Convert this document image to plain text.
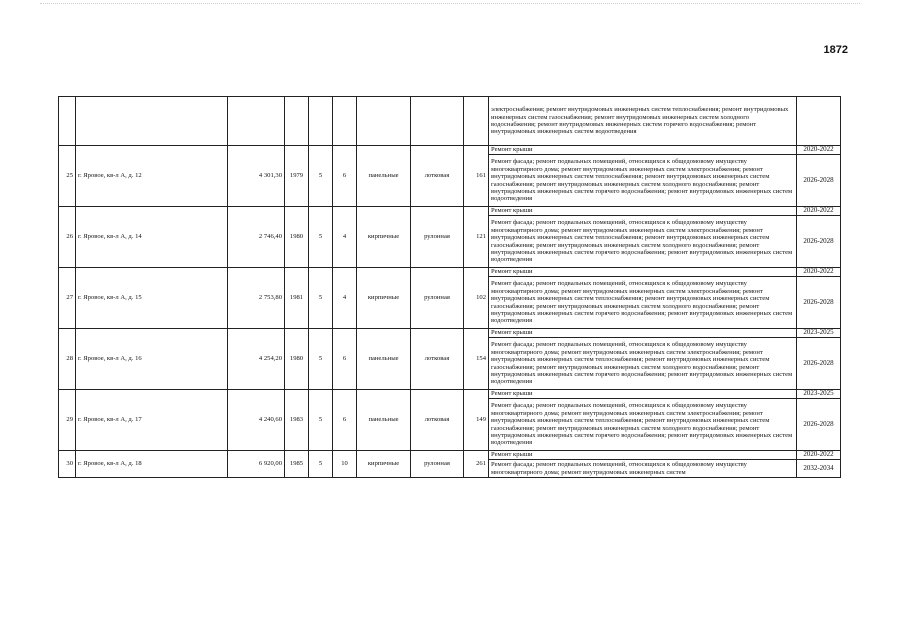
1872
									электроснабжения; ремонт внутридомовых инженерных систем теплоснабжения; ремонт внутридомовых инженерных систем газоснабжения; ремонт внутридомовых инженерных систем холодного водоснабжения; ремонт внутридомовых инженерных систем горячего водоснабжения; ремонт внутридомовых инженерных систем водоотведения	
25	г. Яровое, кв-л А, д. 12	4 301,30	1979	5	6	панельные	лотковая	161	Ремонт крыши	2020-2022
									Ремонт фасада; ремонт подвальных помещений, относящихся к общедомовому имуществу многоквартирного дома; ремонт внутридомовых инженерных систем электроснабжения; ремонт внутридомовых инженерных систем теплоснабжения; ремонт внутридомовых инженерных систем газоснабжения; ремонт внутридомовых инженерных систем холодного водоснабжения; ремонт внутридомовых инженерных систем горячего водоснабжения; ремонт внутридомовых инженерных систем водоотведения	2026-2028
26	г. Яровое, кв-л А, д. 14	2 746,40	1980	5	4	кирпичные	рулонная	121	Ремонт крыши	2020-2022
									Ремонт фасада; ремонт подвальных помещений, относящихся к общедомовому имуществу многоквартирного дома; ремонт внутридомовых инженерных систем электроснабжения; ремонт внутридомовых инженерных систем теплоснабжения; ремонт внутридомовых инженерных систем газоснабжения; ремонт внутридомовых инженерных систем холодного водоснабжения; ремонт внутридомовых инженерных систем горячего водоснабжения; ремонт внутридомовых инженерных систем водоотведения	2026-2028
27	г. Яровое, кв-л А, д. 15	2 753,80	1981	5	4	кирпичные	рулонная	102	Ремонт крыши	2020-2022
									Ремонт фасада; ремонт подвальных помещений, относящихся к общедомовому имуществу многоквартирного дома; ремонт внутридомовых инженерных систем электроснабжения; ремонт внутридомовых инженерных систем теплоснабжения; ремонт внутридомовых инженерных систем газоснабжения; ремонт внутридомовых инженерных систем холодного водоснабжения; ремонт внутридомовых инженерных систем горячего водоснабжения; ремонт внутридомовых инженерных систем водоотведения	2026-2028
28	г. Яровое, кв-л А, д. 16	4 254,20	1980	5	6	панельные	лотковая	154	Ремонт крыши	2023-2025
									Ремонт фасада; ремонт подвальных помещений, относящихся к общедомовому имуществу многоквартирного дома; ремонт внутридомовых инженерных систем электроснабжения; ремонт внутридомовых инженерных систем теплоснабжения; ремонт внутридомовых инженерных систем газоснабжения; ремонт внутридомовых инженерных систем холодного водоснабжения; ремонт внутридомовых инженерных систем горячего водоснабжения; ремонт внутридомовых инженерных систем водоотведения	2026-2028
29	г. Яровое, кв-л А, д. 17	4 240,60	1983	5	6	панельные	лотковая	149	Ремонт крыши	2023-2025
									Ремонт фасада; ремонт подвальных помещений, относящихся к общедомовому имуществу многоквартирного дома; ремонт внутридомовых инженерных систем электроснабжения; ремонт внутридомовых инженерных систем теплоснабжения; ремонт внутридомовых инженерных систем газоснабжения; ремонт внутридомовых инженерных систем холодного водоснабжения; ремонт внутридомовых инженерных систем горячего водоснабжения; ремонт внутридомовых инженерных систем водоотведения	2026-2028
30	г. Яровое, кв-л А, д. 18	6 920,00	1985	5	10	кирпичные	рулонная	261	Ремонт крыши	2020-2022
									Ремонт фасада; ремонт подвальных помещений, относящихся к общедомовому имуществу многоквартирного дома; ремонт внутридомовых инженерных систем	2032-2034
